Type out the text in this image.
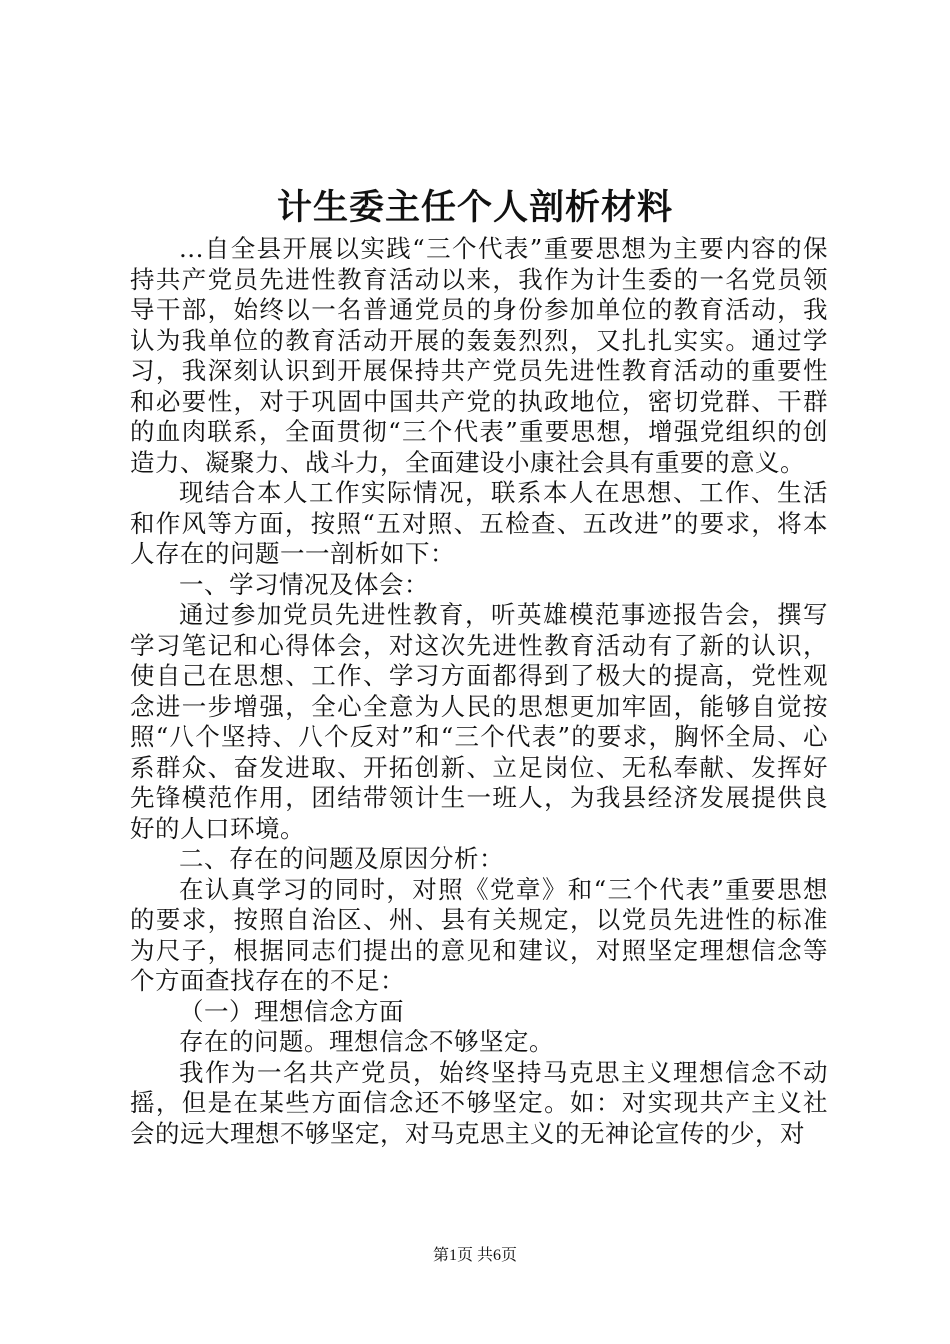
计生委主任个人剖析材料

...自全县开展以实践“三个代表”重要思想为主要内容的保持共产党员先进性教育活动以来，我作为计生委的一名党员领导干部，始终以一名普通党员的身份参加单位的教育活动，我认为我单位的教育活动开展的轰轰烈烈，又扎扎实实。通过学习，我深刻认识到开展保持共产党员先进性教育活动的重要性和必要性，对于巩固中国共产党的执政地位，密切党群、干群的血肉联系，全面贯彻“三个代表”重要思想，增强党组织的创造力、凝聚力、战斗力，全面建设小康社会具有重要的意义。

现结合本人工作实际情况，联系本人在思想、工作、生活和作风等方面，按照“五对照、五检查、五改进”的要求，将本人存在的问题一一剖析如下：

一、学习情况及体会：

通过参加党员先进性教育，听英雄模范事迹报告会，撰写学习笔记和心得体会，对这次先进性教育活动有了新的认识，使自己在思想、工作、学习方面都得到了极大的提高，党性观念进一步增强，全心全意为人民的思想更加牢固，能够自觉按照“八个坚持、八个反对”和“三个代表”的要求，胸怀全局、心系群众、奋发进取、开拓创新、立足岗位、无私奉献、发挥好先锋模范作用，团结带领计生一班人，为我县经济发展提供良好的人口环境。

二、存在的问题及原因分析：

在认真学习的同时，对照《党章》和“三个代表”重要思想的要求，按照自治区、州、县有关规定，以党员先进性的标准为尺子，根据同志们提出的意见和建议，对照坚定理想信念等个方面查找存在的不足：

（一）理想信念方面

存在的问题。理想信念不够坚定。

我作为一名共产党员，始终坚持马克思主义理想信念不动摇，但是在某些方面信念还不够坚定。如：对实现共产主义社会的远大理想不够坚定，对马克思主义的无神论宣传的少，对

第1页 共6页
